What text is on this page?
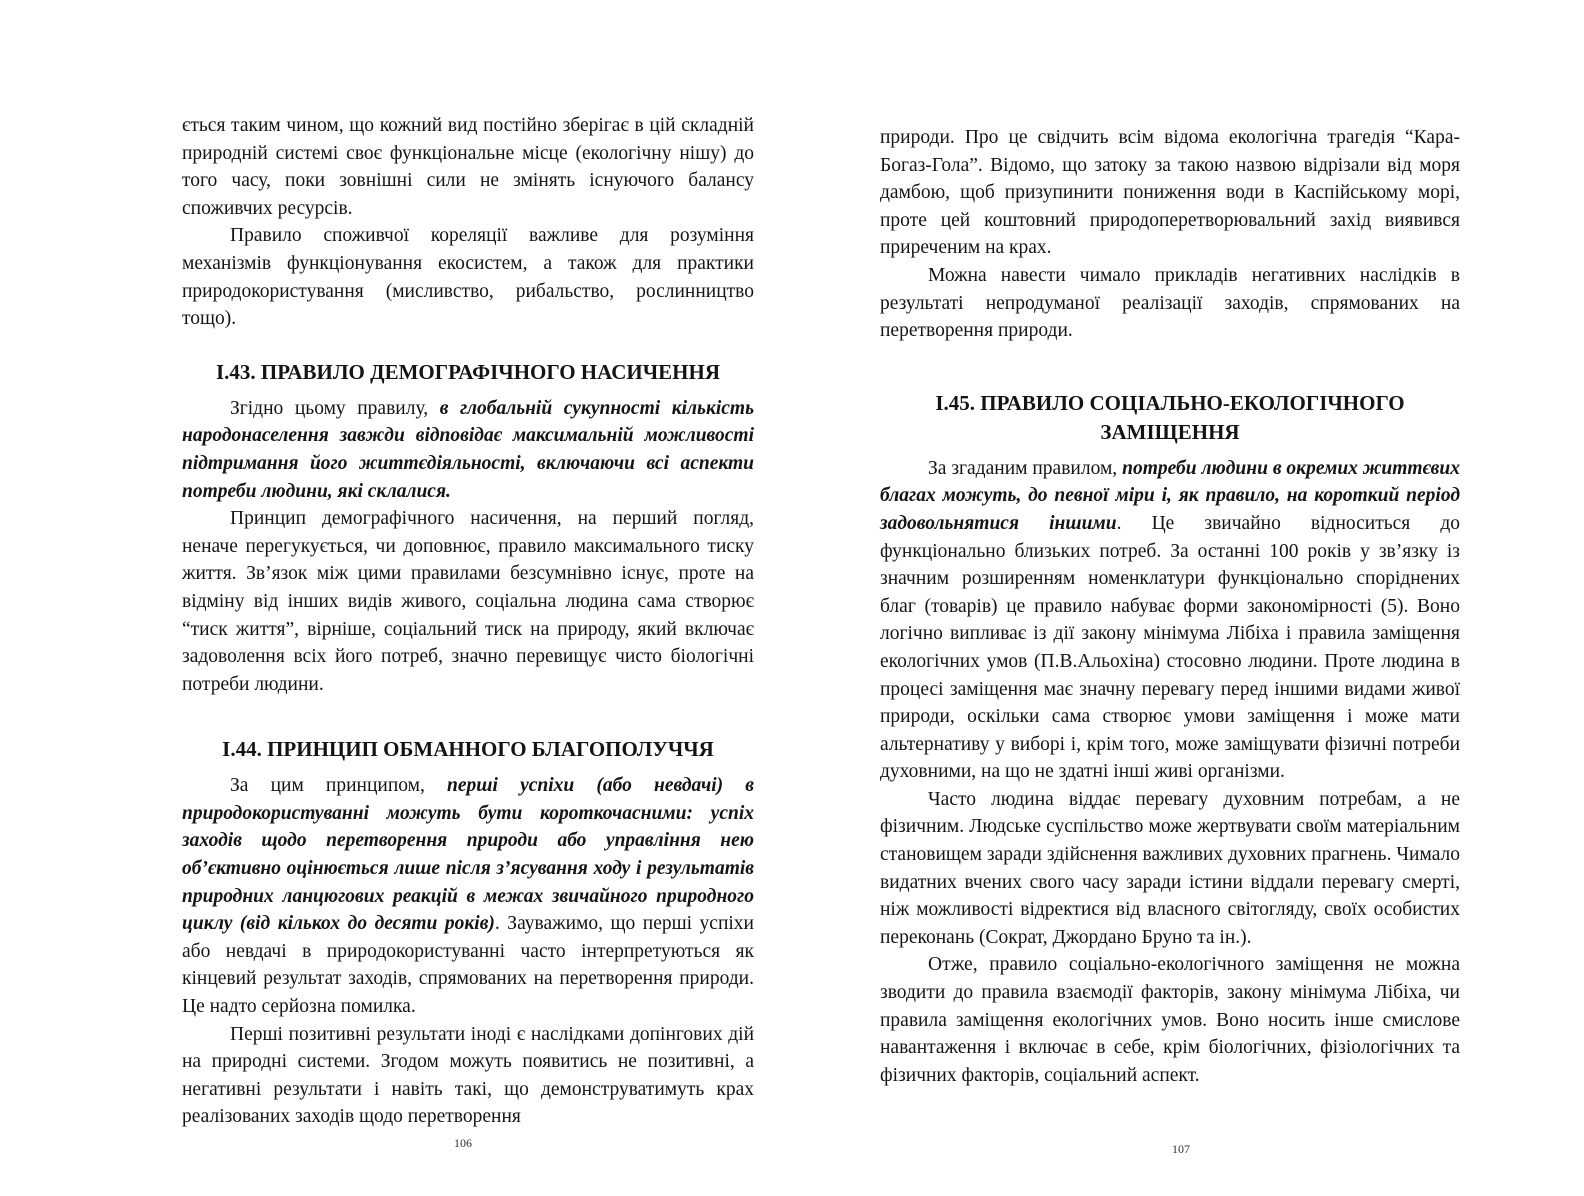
ється таким чином, що кожний вид постійно зберігає в цій складній природній системі своє функціональне місце (екологічну нішу) до того часу, поки зовнішні сили не змінять існуючого балансу споживчих ресурсів.

Правило споживчої кореляції важливе для розуміння механізмів функціонування екосистем, а також для практики природокористування (мисливство, рибальство, рослинництво тощо).

І.43. ПРАВИЛО ДЕМОГРАФІЧНОГО НАСИЧЕННЯ

Згідно цьому правилу, в глобальній сукупності кількість народонаселення завжди відповідає максимальній можливості підтримання його життєдіяльності, включаючи всі аспекти потреби людини, які склалися.

Принцип демографічного насичення, на перший погляд, неначе перегукується, чи доповнює, правило максимального тиску життя. Зв’язок між цими правилами безсумнівно існує, проте на відміну від інших видів живого, соціальна людина сама створює “тиск життя”, вірніше, соціальний тиск на природу, який включає задоволення всіх його потреб, значно перевищує чисто біологічні потреби людини.

І.44. ПРИНЦИП ОБМАННОГО БЛАГОПОЛУЧЧЯ

За цим принципом, перші успіхи (або невдачі) в природокористуванні можуть бути короткочасними: успіх заходів щодо перетворення природи або управління нею об’єктивно оцінюється лише після з’ясування ходу і результатів природних ланцюгових реакцій в межах звичайного природного циклу (від кількох до десяти років). Зауважимо, що перші успіхи або невдачі в природокористуванні часто інтерпретуються як кінцевий результат заходів, спрямованих на перетворення природи. Це надто серйозна помилка.

Перші позитивні результати іноді є наслідками допінгових дій на природні системи. Згодом можуть появитись не позитивні, а негативні результати і навіть такі, що демонструватимуть крах реалізованих заходів щодо перетворення

106

природи. Про це свідчить всім відома екологічна трагедія “Кара-Богаз-Гола”. Відомо, що затоку за такою назвою відрізали від моря дамбою, щоб призупинити пониження води в Каспійському морі, проте цей коштовний природоперетворювальний захід виявився приреченим на крах.

Можна навести чимало прикладів негативних наслідків в результаті непродуманої реалізації заходів, спрямованих на перетворення природи.

І.45. ПРАВИЛО СОЦІАЛЬНО-ЕКОЛОГІЧНОГО
ЗАМІЩЕННЯ

За згаданим правилом, потреби людини в окремих життєвих благах можуть, до певної міри і, як правило, на короткий період задовольнятися іншими. Це звичайно відноситься до функціонально близьких потреб. За останні 100 років у зв’язку із значним розширенням номенклатури функціонально споріднених благ (товарів) це правило набуває форми закономірності (5). Воно логічно випливає із дії закону мінімума Лібіха і правила заміщення екологічних умов (П.В.Альохіна) стосовно людини. Проте людина в процесі заміщення має значну перевагу перед іншими видами живої природи, оскільки сама створює умови заміщення і може мати альтернативу у виборі і, крім того, може заміщувати фізичні потреби духовними, на що не здатні інші живі організми.

Часто людина віддає перевагу духовним потребам, а не фізичним. Людське суспільство може жертвувати своїм матеріальним становищем заради здійснення важливих духовних прагнень. Чимало видатних вчених свого часу заради істини віддали перевагу смерті, ніж можливості відректися від власного світогляду, своїх особистих переконань (Сократ, Джордано Бруно та ін.).

Отже, правило соціально-екологічного заміщення не можна зводити до правила взаємодії факторів, закону мінімума Лібіха, чи правила заміщення екологічних умов. Воно носить інше смислове навантаження і включає в себе, крім біологічних, фізіологічних та фізичних факторів, соціальний аспект.

107
